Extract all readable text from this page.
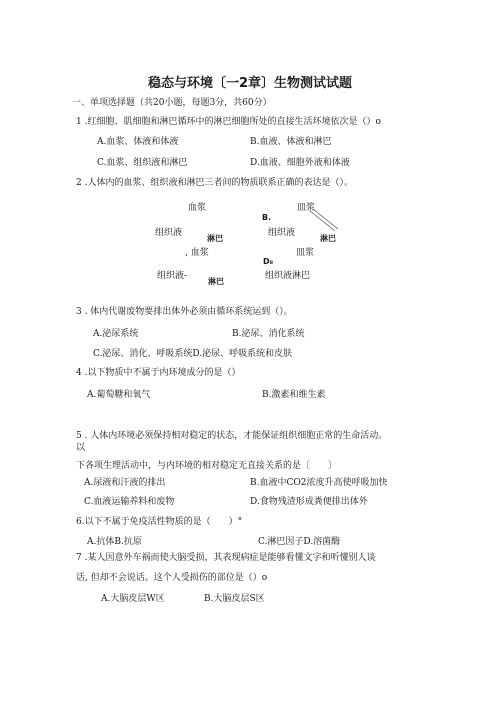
稳态与环境〔一2章〕生物测试试题
一、单项选择题（共20小题，每题3分，共60分）
1 .红细胞、肌细胞和淋巴循环中的淋巴细胞所处的直接生活环境依次是（）o
A.血浆、体液和体液	B.血液、体液和淋巴
C.血浆、组织液和淋巴	D.血液、细胞外液和体液
2 .人体内的血浆、组织液和淋巴三者间的物质联系正确的表达是（）。
血浆
组织液
淋巴
B.
皿浆
组织液
淋巴
, 血浆
组织液-
淋巴
D₈
皿浆
组织液淋巴
3 . 体内代谢废物要排出体外必须由循环系统运到（）。
A.泌尿系统	B.泌尿、消化系统
C.泌尿、消化、呼吸系统D.泌尿、呼吸系统和皮肤
4 .以下物质中不属于内环境成分的是（）
A.葡萄糖和氧气	B.激素和维生素
5 . 人体内环境必须保持相对稳定的状态，才能保证组织细胞正常的生命活动。
以
下各项生理活动中，与内环境的相对稳定无直接关系的是〔　　〕
A.尿液和汗液的排出	B.血液中CO2浓度升高使呼吸加快
C.血液运输养料和废物	D.食物残渣形成粪便排出体外
6.以下不属于免疫活性物质的是（　　）°
A.抗体B.抗原	C.淋巴因子D.溶菌酶
7 .某人因意外车祸而使大脑受损，其表现病症是能够看懂文字和听懂别人谈
话, 但却不会说话。这个人受损伤的部位是（）o
A.大脑皮层W区	B.大脑皮层S区
